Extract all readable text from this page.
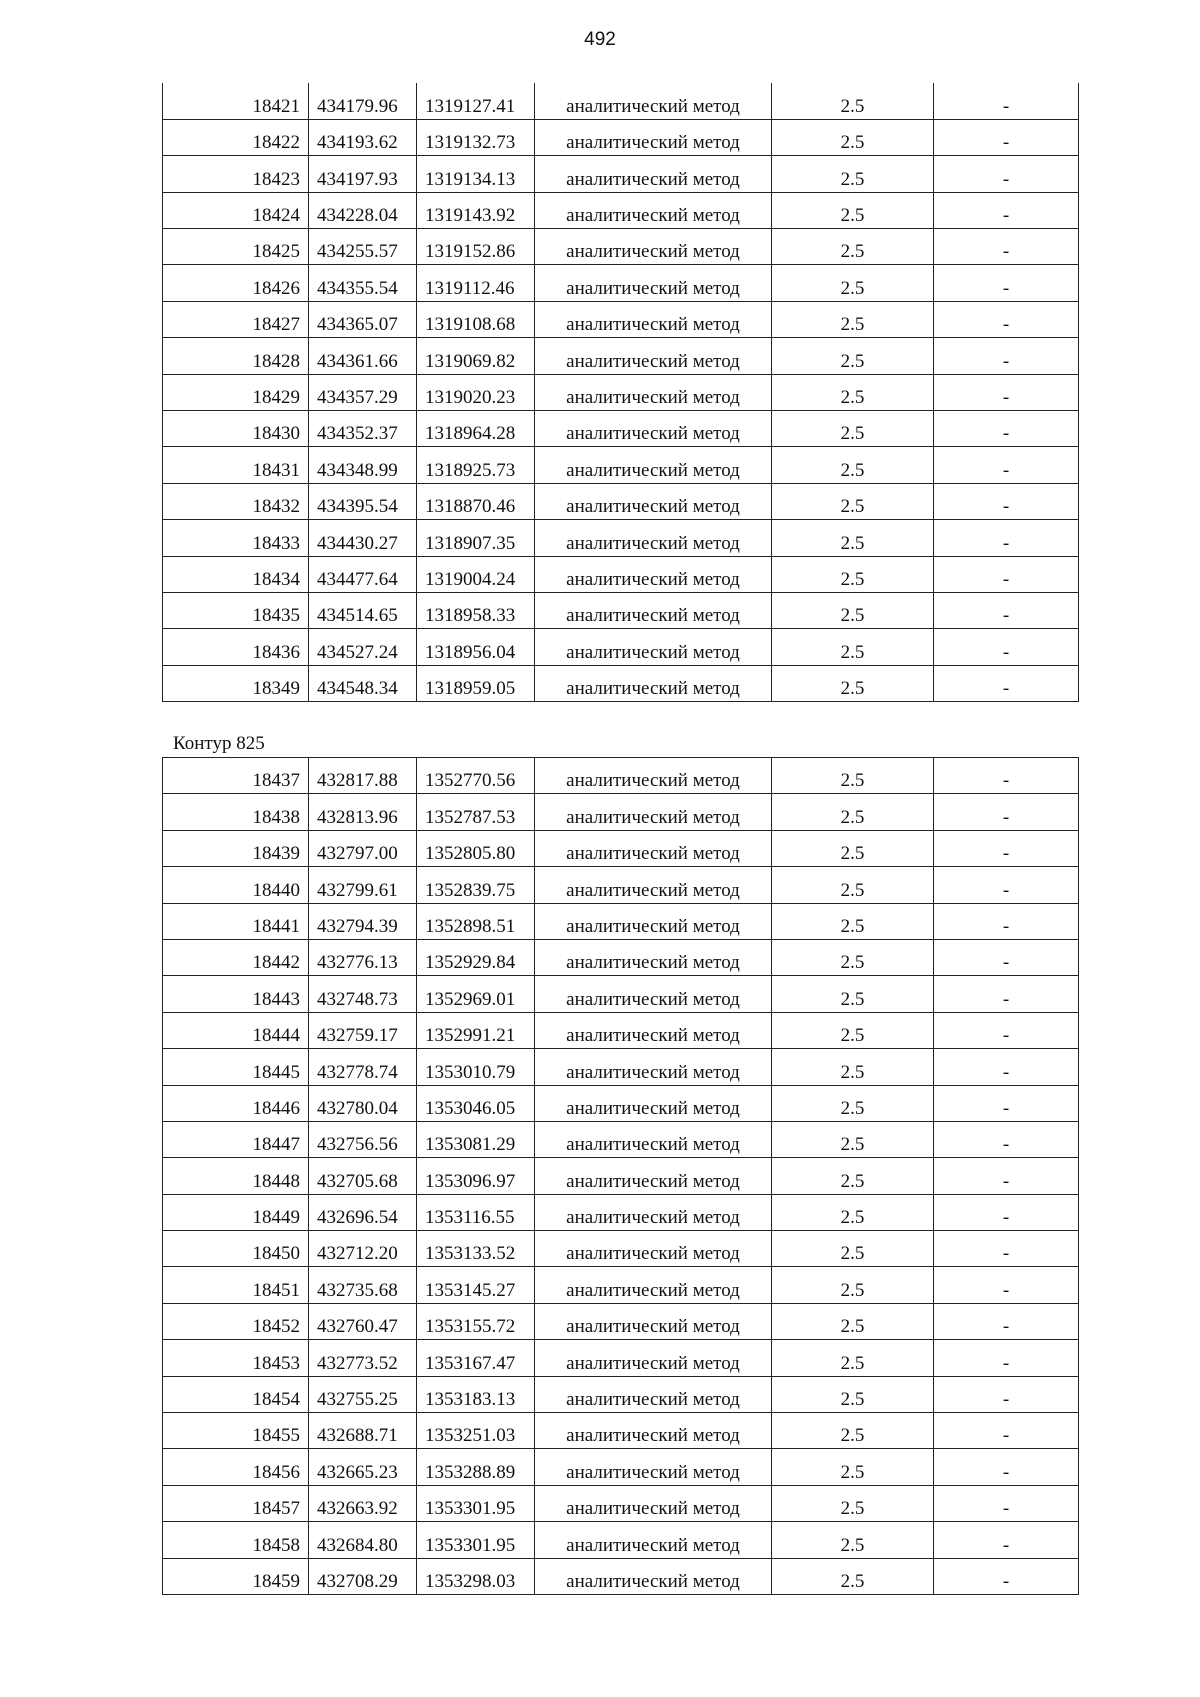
492
18421	434179.96	1319127.41	аналитический метод	2.5	-
18422	434193.62	1319132.73	аналитический метод	2.5	-
18423	434197.93	1319134.13	аналитический метод	2.5	-
18424	434228.04	1319143.92	аналитический метод	2.5	-
18425	434255.57	1319152.86	аналитический метод	2.5	-
18426	434355.54	1319112.46	аналитический метод	2.5	-
18427	434365.07	1319108.68	аналитический метод	2.5	-
18428	434361.66	1319069.82	аналитический метод	2.5	-
18429	434357.29	1319020.23	аналитический метод	2.5	-
18430	434352.37	1318964.28	аналитический метод	2.5	-
18431	434348.99	1318925.73	аналитический метод	2.5	-
18432	434395.54	1318870.46	аналитический метод	2.5	-
18433	434430.27	1318907.35	аналитический метод	2.5	-
18434	434477.64	1319004.24	аналитический метод	2.5	-
18435	434514.65	1318958.33	аналитический метод	2.5	-
18436	434527.24	1318956.04	аналитический метод	2.5	-
18349	434548.34	1318959.05	аналитический метод	2.5	-
Контур 825
18437	432817.88	1352770.56	аналитический метод	2.5	-
18438	432813.96	1352787.53	аналитический метод	2.5	-
18439	432797.00	1352805.80	аналитический метод	2.5	-
18440	432799.61	1352839.75	аналитический метод	2.5	-
18441	432794.39	1352898.51	аналитический метод	2.5	-
18442	432776.13	1352929.84	аналитический метод	2.5	-
18443	432748.73	1352969.01	аналитический метод	2.5	-
18444	432759.17	1352991.21	аналитический метод	2.5	-
18445	432778.74	1353010.79	аналитический метод	2.5	-
18446	432780.04	1353046.05	аналитический метод	2.5	-
18447	432756.56	1353081.29	аналитический метод	2.5	-
18448	432705.68	1353096.97	аналитический метод	2.5	-
18449	432696.54	1353116.55	аналитический метод	2.5	-
18450	432712.20	1353133.52	аналитический метод	2.5	-
18451	432735.68	1353145.27	аналитический метод	2.5	-
18452	432760.47	1353155.72	аналитический метод	2.5	-
18453	432773.52	1353167.47	аналитический метод	2.5	-
18454	432755.25	1353183.13	аналитический метод	2.5	-
18455	432688.71	1353251.03	аналитический метод	2.5	-
18456	432665.23	1353288.89	аналитический метод	2.5	-
18457	432663.92	1353301.95	аналитический метод	2.5	-
18458	432684.80	1353301.95	аналитический метод	2.5	-
18459	432708.29	1353298.03	аналитический метод	2.5	-
